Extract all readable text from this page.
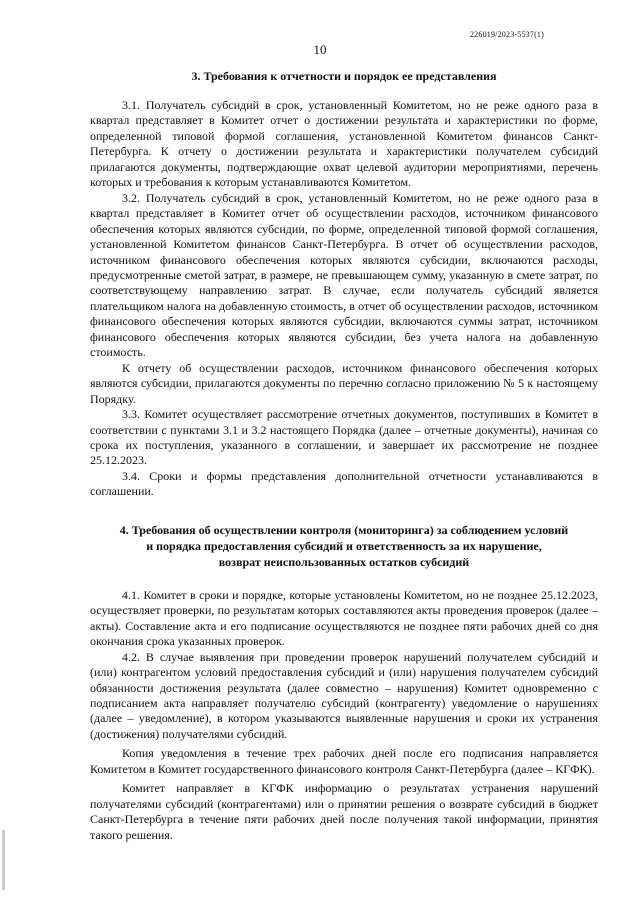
226019/2023-5537(1)
10
3. Требования к отчетности и порядок ее представления

3.1. Получатель субсидий в срок, установленный Комитетом, но не реже одного раза в квартал представляет в Комитет отчет о достижении результата и характеристики по форме, определенной типовой формой соглашения, установленной Комитетом финансов Санкт-Петербурга. К отчету о достижении результата и характеристики получателем субсидий прилагаются документы, подтверждающие охват целевой аудитории мероприятиями, перечень которых и требования к которым устанавливаются Комитетом.

3.2. Получатель субсидий в срок, установленный Комитетом, но не реже одного раза в квартал представляет в Комитет отчет об осуществлении расходов, источником финансового обеспечения которых являются субсидии, по форме, определенной типовой формой соглашения, установленной Комитетом финансов Санкт-Петербурга. В отчет об осуществлении расходов, источником финансового обеспечения которых являются субсидии, включаются расходы, предусмотренные сметой затрат, в размере, не превышающем сумму, указанную в смете затрат, по соответствующему направлению затрат. В случае, если получатель субсидий является плательщиком налога на добавленную стоимость, в отчет об осуществлении расходов, источником финансового обеспечения которых являются субсидии, включаются суммы затрат, источником финансового обеспечения которых являются субсидии, без учета налога на добавленную стоимость.

К отчету об осуществлении расходов, источником финансового обеспечения которых являются субсидии, прилагаются документы по перечню согласно приложению № 5 к настоящему Порядку.

3.3. Комитет осуществляет рассмотрение отчетных документов, поступивших в Комитет в соответствии с пунктами 3.1 и 3.2 настоящего Порядка (далее – отчетные документы), начиная со срока их поступления, указанного в соглашении, и завершает их рассмотрение не позднее 25.12.2023.

3.4. Сроки и формы представления дополнительной отчетности устанавливаются в соглашении.

4. Требования об осуществлении контроля (мониторинга) за соблюдением условий
и порядка предоставления субсидий и ответственность за их нарушение,
возврат неиспользованных остатков субсидий

4.1. Комитет в сроки и порядке, которые установлены Комитетом, но не позднее 25.12.2023, осуществляет проверки, по результатам которых составляются акты проведения проверок (далее – акты). Составление акта и его подписание осуществляются не позднее пяти рабочих дней со дня окончания срока указанных проверок.

4.2. В случае выявления при проведении проверок нарушений получателем субсидий и (или) контрагентом условий предоставления субсидий и (или) нарушения получателем субсидий обязанности достижения результата (далее совместно – нарушения) Комитет одновременно с подписанием акта направляет получателю субсидий (контрагенту) уведомление о нарушениях (далее – уведомление), в котором указываются выявленные нарушения и сроки их устранения (достижения) получателями субсидий.

Копия уведомления в течение трех рабочих дней после его подписания направляется Комитетом в Комитет государственного финансового контроля Санкт-Петербурга (далее – КГФК).

Комитет направляет в КГФК информацию о результатах устранения нарушений получателями субсидий (контрагентами) или о принятии решения о возврате субсидий в бюджет Санкт-Петербурга в течение пяти рабочих дней после получения такой информации, принятия такого решения.
